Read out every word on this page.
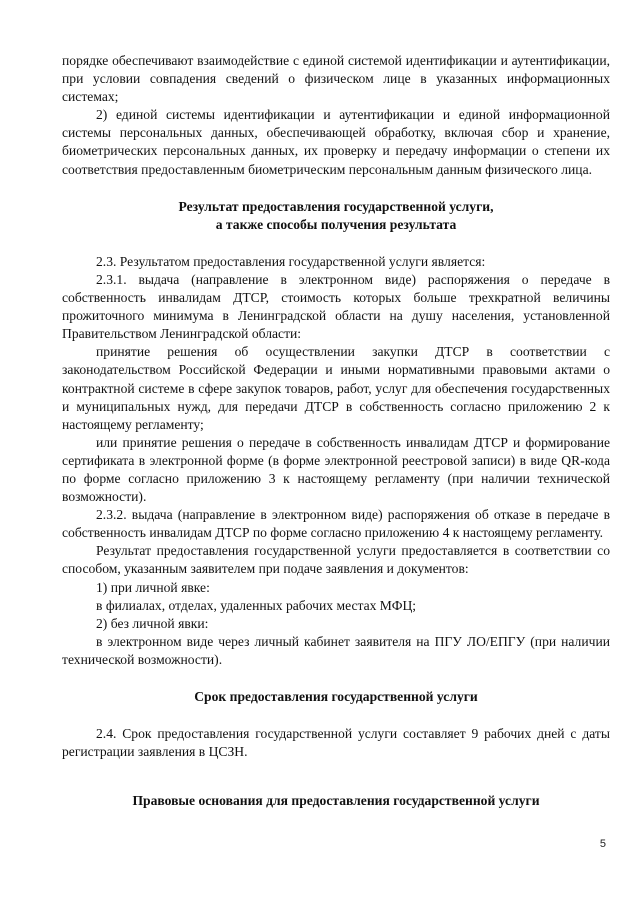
порядке обеспечивают взаимодействие с единой системой идентификации и аутентификации, при условии совпадения сведений о физическом лице в указанных информационных системах;

2) единой системы идентификации и аутентификации и единой информационной системы персональных данных, обеспечивающей обработку, включая сбор и хранение, биометрических персональных данных, их проверку и передачу информации о степени их соответствия предоставленным биометрическим персональным данным физического лица.

Результат предоставления государственной услуги,
а также способы получения результата

2.3. Результатом предоставления государственной услуги является:

2.3.1. выдача (направление в электронном виде) распоряжения о передаче в собственность инвалидам ДТСР, стоимость которых больше трехкратной величины прожиточного минимума в Ленинградской области на душу населения, установленной Правительством Ленинградской области:

принятие решения об осуществлении закупки ДТСР в соответствии с законодательством Российской Федерации и иными нормативными правовыми актами о контрактной системе в сфере закупок товаров, работ, услуг для обеспечения государственных и муниципальных нужд, для передачи ДТСР в собственность согласно приложению 2 к настоящему регламенту;

или принятие решения о передаче в собственность инвалидам ДТСР и формирование сертификата в электронной форме (в форме электронной реестровой записи) в виде QR-кода по форме согласно приложению 3 к настоящему регламенту (при наличии технической возможности).

2.3.2. выдача (направление в электронном виде) распоряжения об отказе в передаче в собственность инвалидам ДТСР по форме согласно приложению 4 к настоящему регламенту.

Результат предоставления государственной услуги предоставляется в соответствии со способом, указанным заявителем при подаче заявления и документов:

1) при личной явке:

в филиалах, отделах, удаленных рабочих местах МФЦ;

2) без личной явки:

в электронном виде через личный кабинет заявителя на ПГУ ЛО/ЕПГУ (при наличии технической возможности).

Срок предоставления государственной услуги

2.4. Срок предоставления государственной услуги составляет 9 рабочих дней с даты регистрации заявления в ЦСЗН.

Правовые основания для предоставления государственной услуги
5
